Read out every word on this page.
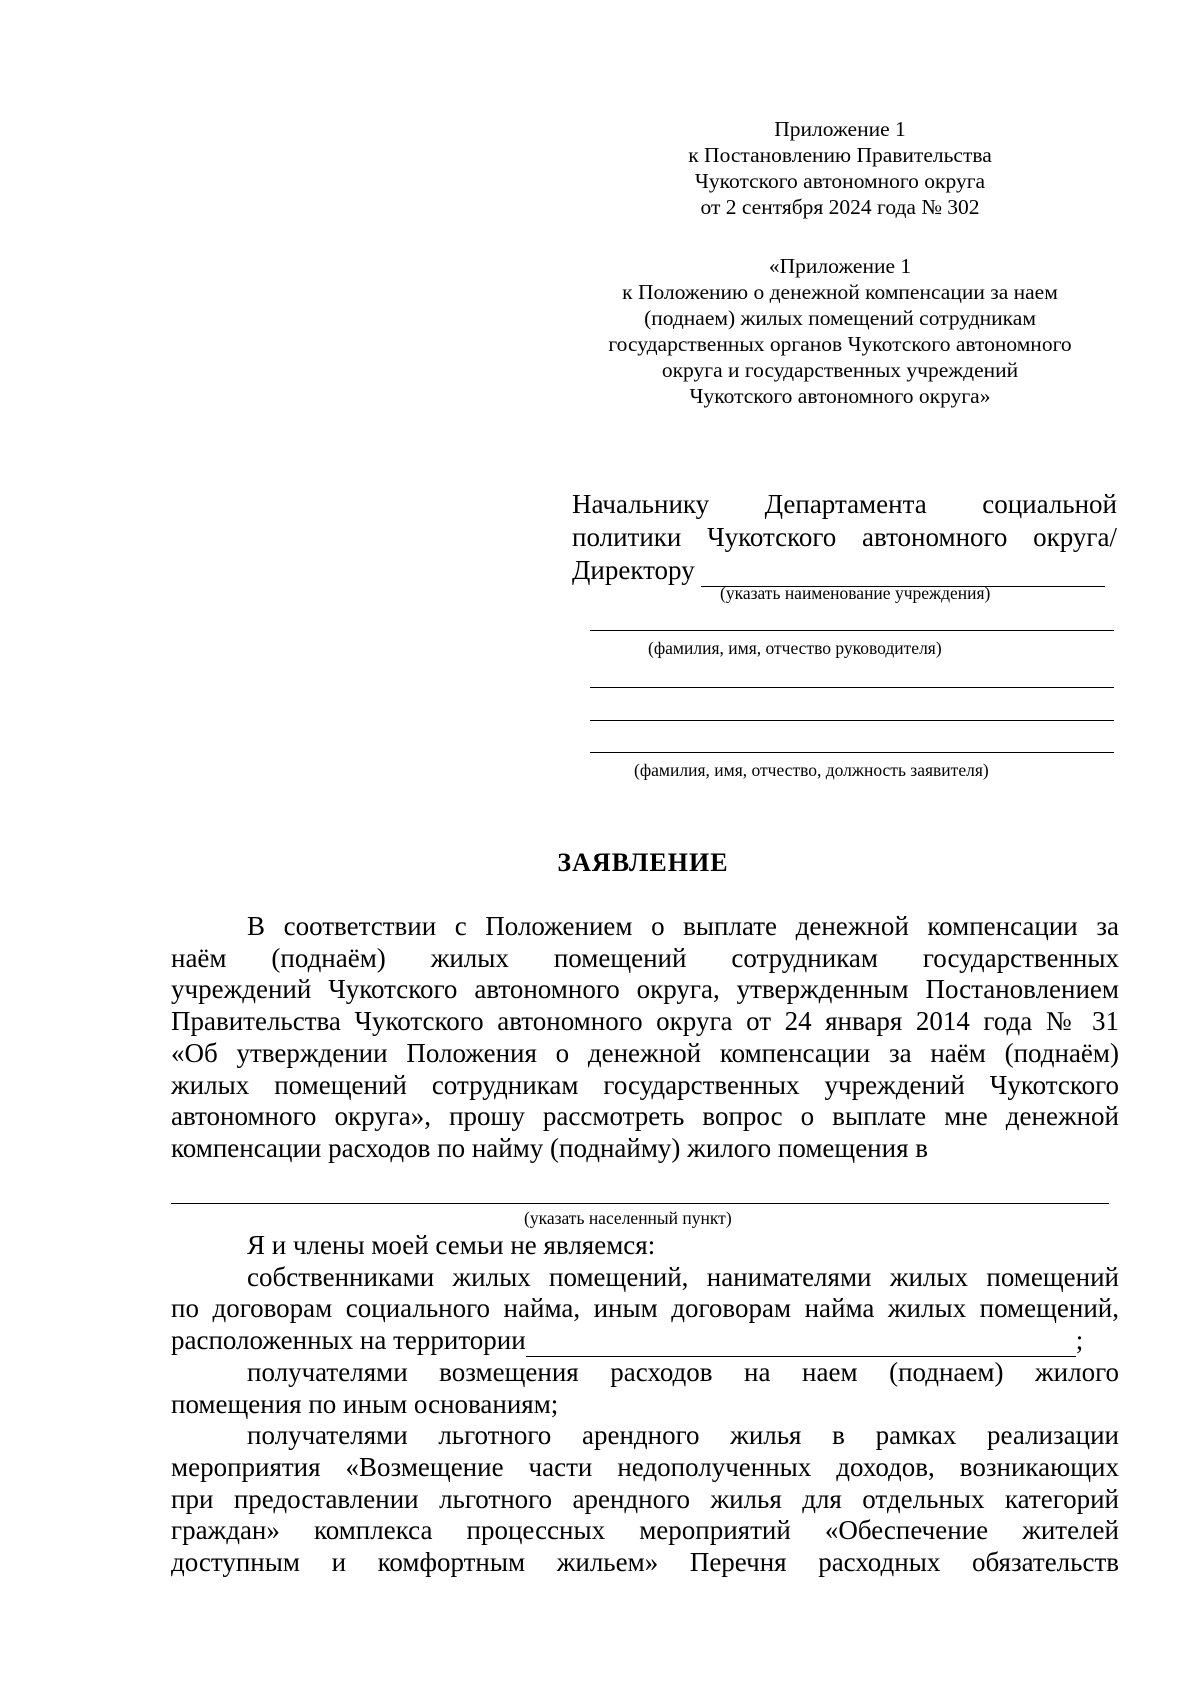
Приложение 1
к Постановлению Правительства
Чукотского автономного округа
от 2 сентября 2024 года № 302
«Приложение 1
к Положению о денежной компенсации за наем
(поднаем) жилых помещений сотрудникам
государственных органов Чукотского автономного
округа и государственных учреждений
Чукотского автономного округа»
Начальнику Департамента социальной
политики Чукотского автономного округа/
Директору
(указать наименование учреждения)
(фамилия, имя, отчество руководителя)
(фамилия, имя, отчество, должность заявителя)
ЗАЯВЛЕНИЕ
В соответствии с Положением о выплате денежной компенсации за
наём (поднаём) жилых помещений сотрудникам государственных
учреждений Чукотского автономного округа, утвержденным Постановлением
Правительства Чукотского автономного округа от 24 января 2014 года № 31
«Об утверждении Положения о денежной компенсации за наём (поднаём)
жилых помещений сотрудникам государственных учреждений Чукотского
автономного округа», прошу рассмотреть вопрос о выплате мне денежной
компенсации расходов по найму (поднайму) жилого помещения в
(указать населенный пункт)
Я и члены моей семьи не являемся:
собственниками жилых помещений, нанимателями жилых помещений
по договорам социального найма, иным договорам найма жилых помещений,
расположенных на территории	;
получателями возмещения расходов на наем (поднаем) жилого
помещения по иным основаниям;
получателями льготного арендного жилья в рамках реализации
мероприятия «Возмещение части недополученных доходов, возникающих
при предоставлении льготного арендного жилья для отдельных категорий
граждан» комплекса процессных мероприятий «Обеспечение жителей
доступным и комфортным жильем» Перечня расходных обязательств
